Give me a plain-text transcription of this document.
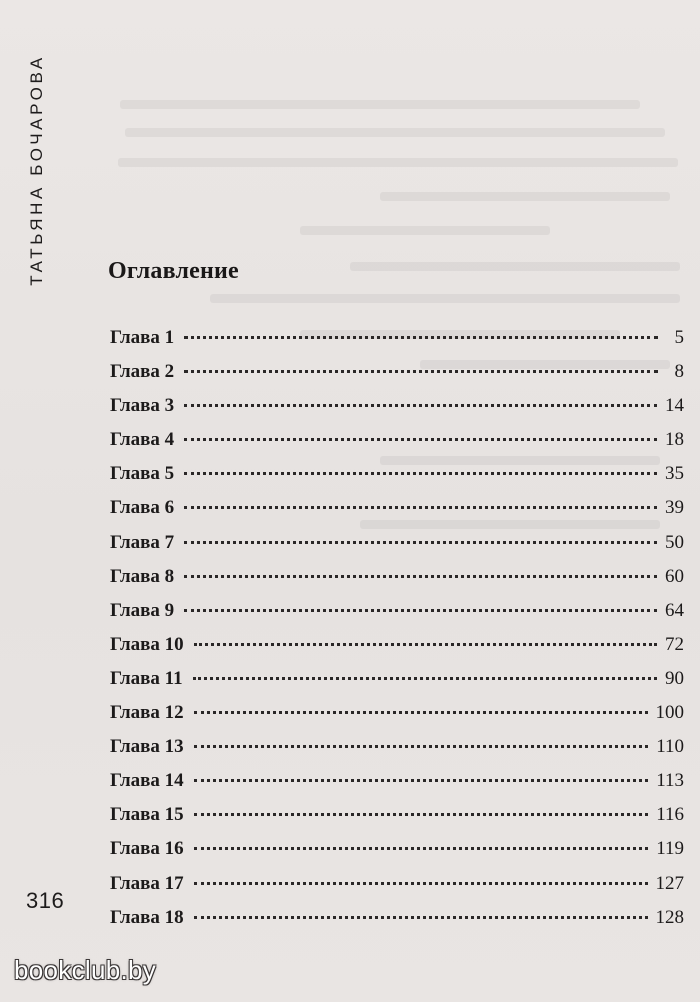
ТАТЬЯНА БОЧАРОВА	Оглавление
Глава 1	5
Глава 2	8
Глава 3	14
Глава 4	18
Глава 5	35
Глава 6	39
Глава 7	50
Глава 8	60
Глава 9	64
Глава 10	72
Глава 11	90
Глава 12	100
Глава 13	110
Глава 14	113
Глава 15	116
Глава 16	119
Глава 17	127
Глава 18	128
316
bookclub.by
